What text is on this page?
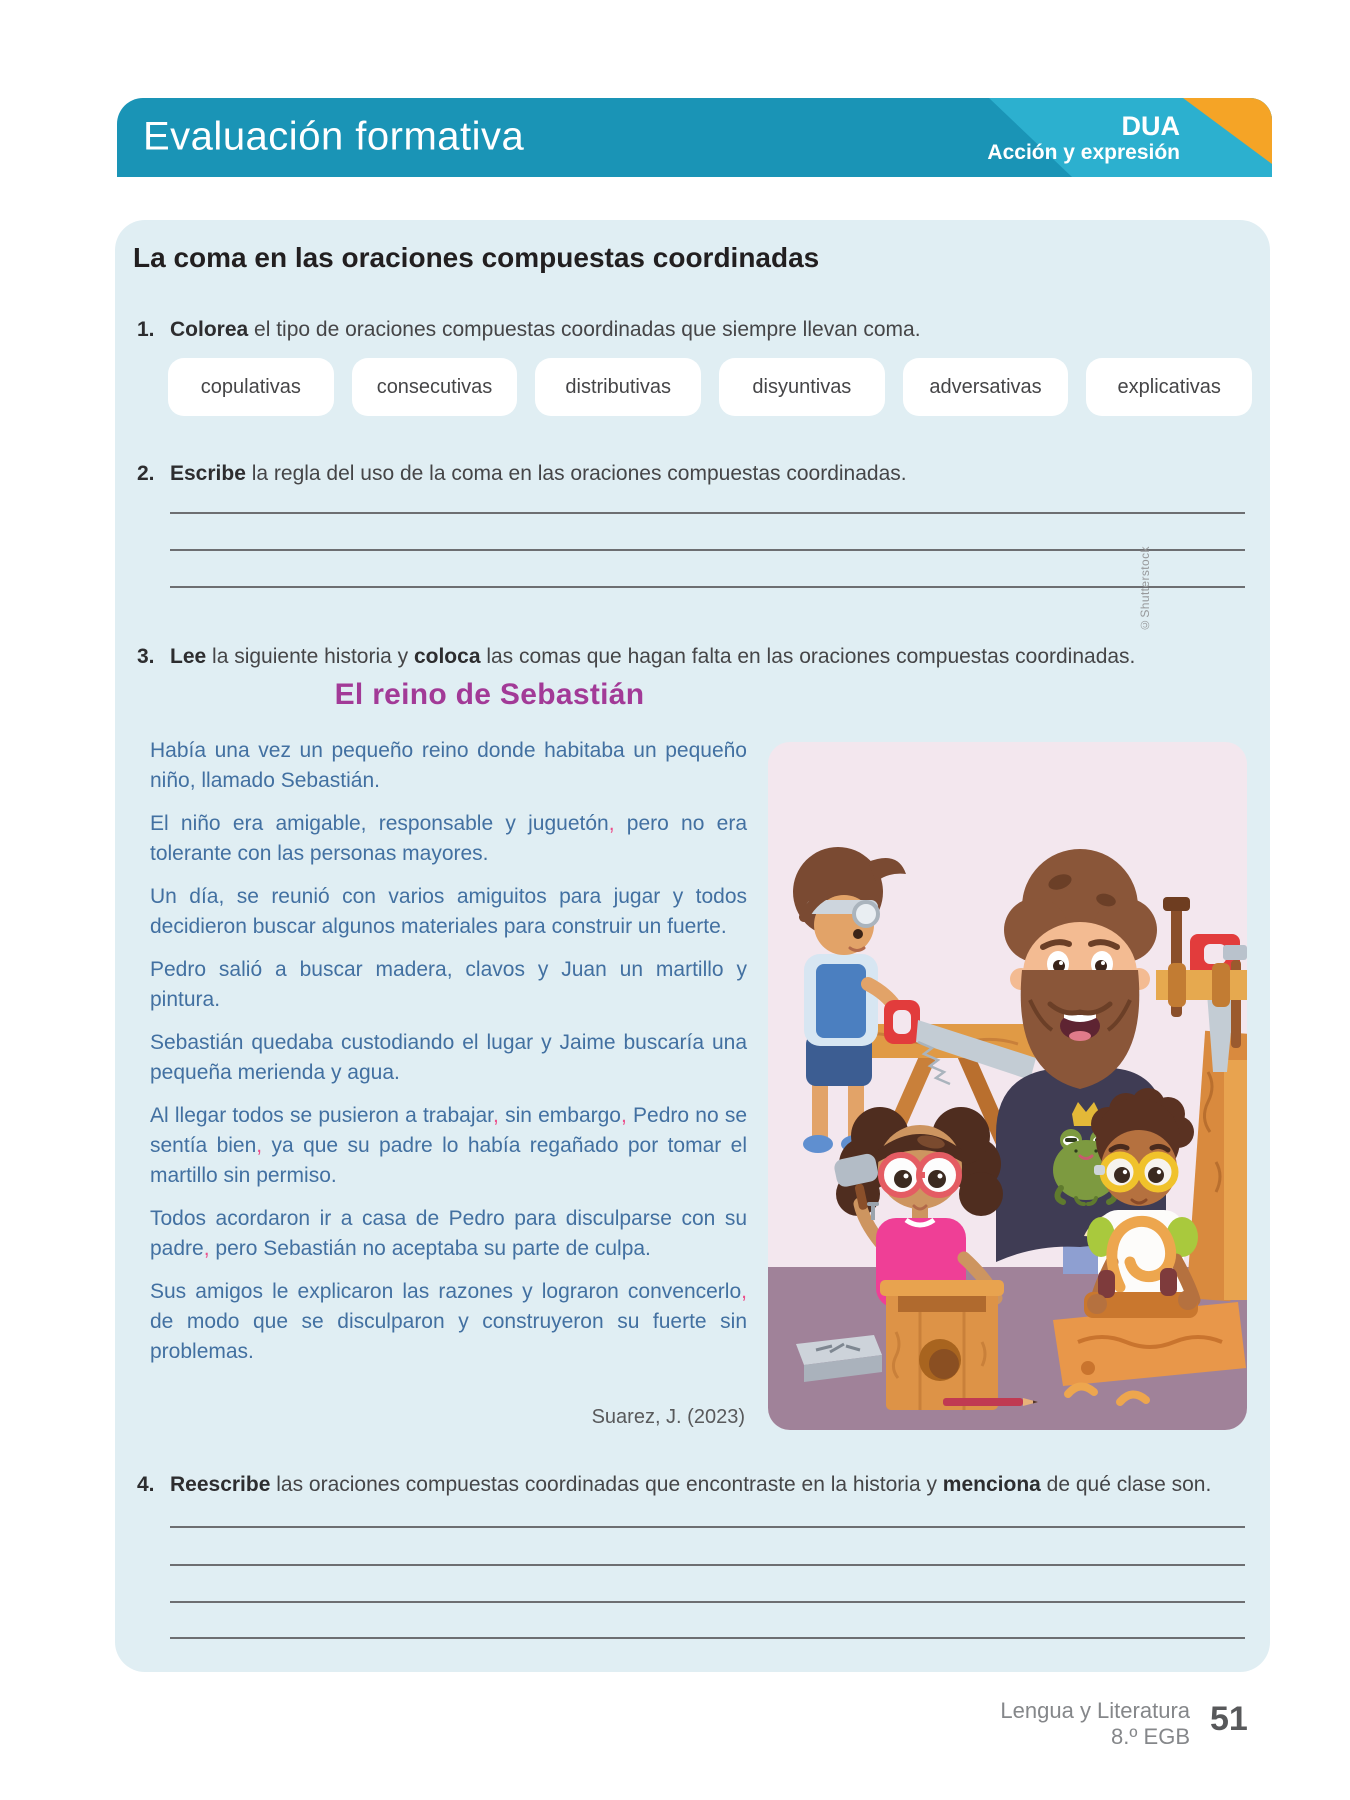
Evaluación formativa	DUA
Acción y expresión
La coma en las oraciones compuestas coordinadas
1. Colorea el tipo de oraciones compuestas coordinadas que siempre llevan coma.
copulativas	consecutivas	distributivas	disyuntivas	adversativas	explicativas
2. Escribe la regla del uso de la coma en las oraciones compuestas coordinadas.
3. Lee la siguiente historia y coloca las comas que hagan falta en las oraciones compuestas coordinadas.
El reino de Sebastián

Había una vez un pequeño reino donde habitaba un pequeño niño, llamado Sebastián.

El niño era amigable, responsable y juguetón, pero no era tolerante con las personas mayores.

Un día, se reunió con varios amiguitos para jugar y todos decidieron buscar algunos materiales para construir un fuerte.

Pedro salió a buscar madera, clavos y Juan un martillo y pintura.

Sebastián quedaba custodiando el lugar y Jaime buscaría una pequeña merienda y agua.

Al llegar todos se pusieron a trabajar, sin embargo, Pedro no se sentía bien, ya que su padre lo había regañado por tomar el martillo sin permiso.

Todos acordaron ir a casa de Pedro para disculparse con su padre, pero Sebastián no aceptaba su parte de culpa.

Sus amigos le explicaron las razones y lograron convencerlo, de modo que se disculparon y construyeron su fuerte sin problemas.

Suarez, J. (2023)
4. Reescribe las oraciones compuestas coordinadas que encontraste en la historia y menciona de qué clase son.
©Shutterstock
Lengua y Literatura
8.º EGB 51
